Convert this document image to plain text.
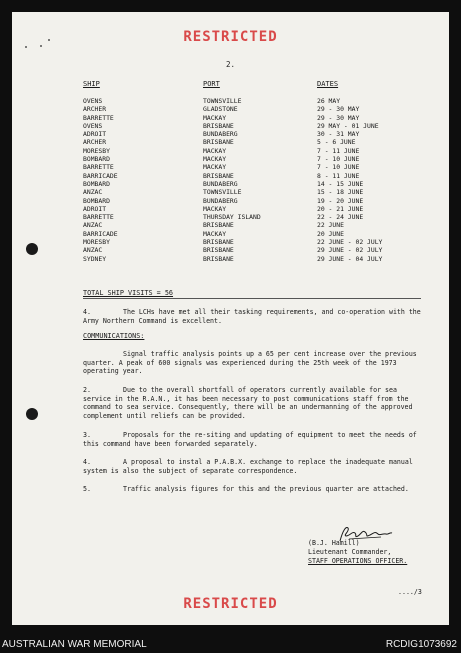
RESTRICTED
2.
SHIP	PORT	DATES
OVENS	TOWNSVILLE	26 MAY
ARCHER	GLADSTONE	29 - 30 MAY
BARRETTE	MACKAY	29 - 30 MAY
OVENS	BRISBANE	29 MAY - 01 JUNE
ADROIT	BUNDABERG	30 - 31 MAY
ARCHER	BRISBANE	5 - 6 JUNE
MORESBY	MACKAY	7 - 11 JUNE
BOMBARD	MACKAY	7 - 10 JUNE
BARRETTE	MACKAY	7 - 10 JUNE
BARRICADE	BRISBANE	8 - 11 JUNE
BOMBARD	BUNDABERG	14 - 15 JUNE
ANZAC	TOWNSVILLE	15 - 18 JUNE
BOMBARD	BUNDABERG	19 - 20 JUNE
ADROIT	MACKAY	20 - 21 JUNE
BARRETTE	THURSDAY ISLAND	22 - 24 JUNE
ANZAC	BRISBANE	22 JUNE
BARRICADE	MACKAY	20 JUNE
MORESBY	BRISBANE	22 JUNE - 02 JULY
ANZAC	BRISBANE	29 JUNE - 02 JULY
SYDNEY	BRISBANE	29 JUNE - 04 JULY
TOTAL SHIP VISITS = 56
4.	The LCHs have met all their tasking requirements, and co-operation with the Army Northern Command is excellent.
COMMUNICATIONS:
Signal traffic analysis points up a 65 per cent increase over the previous quarter. A peak of 600 signals was experienced during the 25th week of the 1973 operating year.
2.	Due to the overall shortfall of operators currently available for sea service in the R.A.N., it has been necessary to post communications staff from the command to sea service. Consequently, there will be an undermanning of the approved complement until reliefs can be provided.
3.	Proposals for the re-siting and updating of equipment to meet the needs of this command have been forwarded separately.
4.	A proposal to instal a P.A.B.X. exchange to replace the inadequate manual system is also the subject of separate correspondence.
5.	Traffic analysis figures for this and the previous quarter are attached.
(B.J. Hamill)
Lieutenant Commander,
STAFF OPERATIONS OFFICER.
..../3
RESTRICTED
AUSTRALIAN WAR MEMORIAL	RCDIG1073692
